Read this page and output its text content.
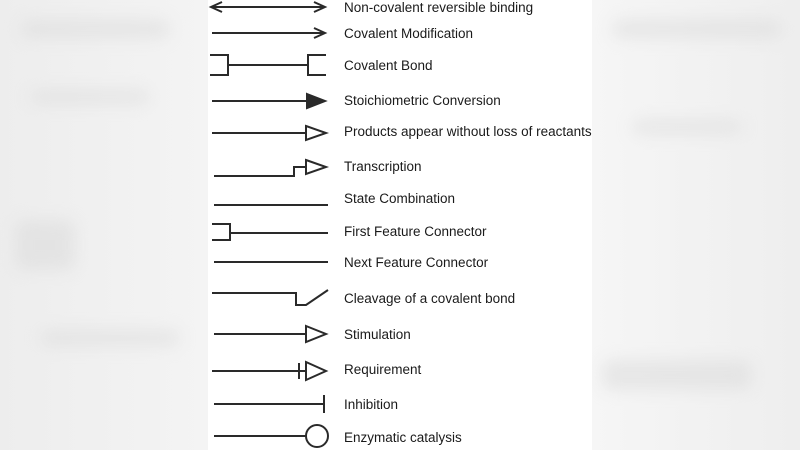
Non-covalent reversible binding
Covalent Modification
Covalent Bond
Stoichiometric Conversion
Products appear without loss of reactants
Transcription
State Combination
First Feature Connector
Next Feature Connector
Cleavage of a covalent bond
Stimulation
Requirement
Inhibition
Enzymatic catalysis
